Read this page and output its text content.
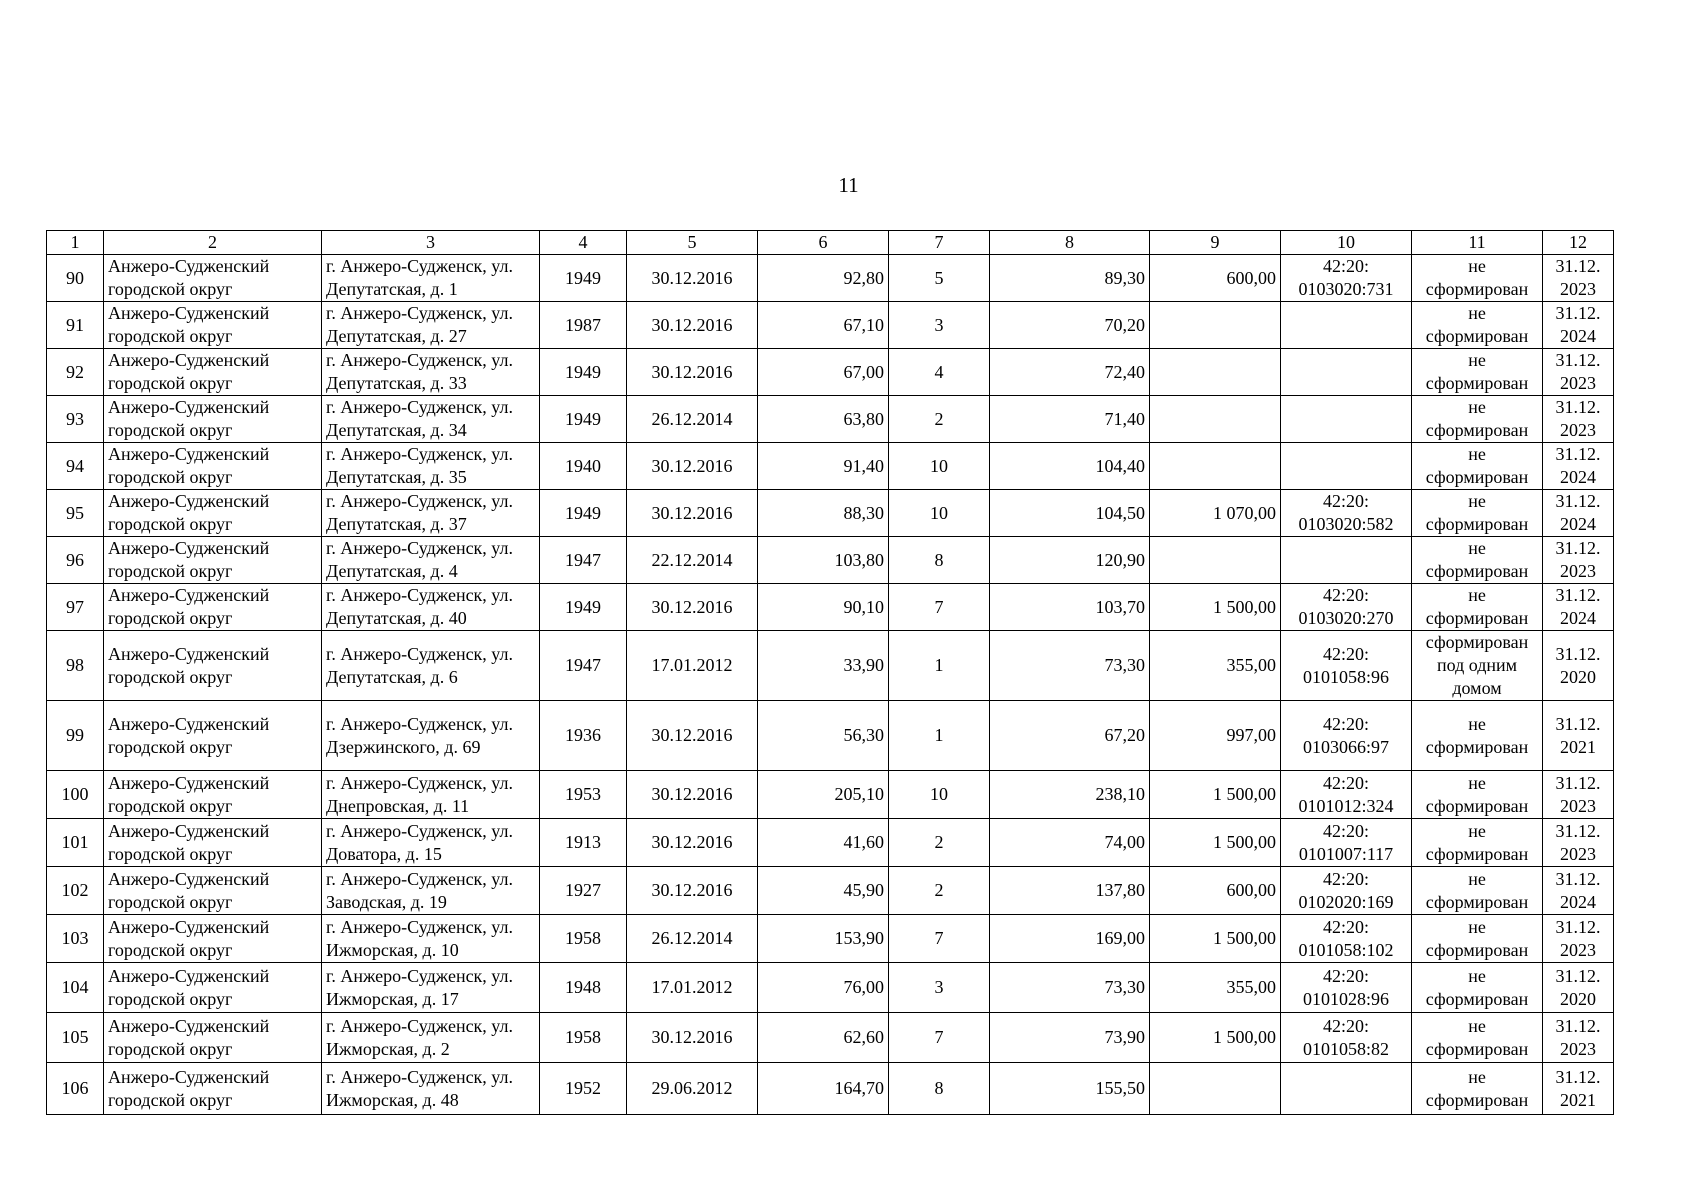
11
1	2	3	4	5	6	7	8	9	10	11	12
90	Анжеро-Судженский городской округ	г. Анжеро-Судженск, ул. Депутатская, д. 1	1949	30.12.2016	92,80	5	89,30	600,00	42:20: 0103020:731	не сформирован	31.12. 2023
91	Анжеро-Судженский городской округ	г. Анжеро-Судженск, ул. Депутатская, д. 27	1987	30.12.2016	67,10	3	70,20			не сформирован	31.12. 2024
92	Анжеро-Судженский городской округ	г. Анжеро-Судженск, ул. Депутатская, д. 33	1949	30.12.2016	67,00	4	72,40			не сформирован	31.12. 2023
93	Анжеро-Судженский городской округ	г. Анжеро-Судженск, ул. Депутатская, д. 34	1949	26.12.2014	63,80	2	71,40			не сформирован	31.12. 2023
94	Анжеро-Судженский городской округ	г. Анжеро-Судженск, ул. Депутатская, д. 35	1940	30.12.2016	91,40	10	104,40			не сформирован	31.12. 2024
95	Анжеро-Судженский городской округ	г. Анжеро-Судженск, ул. Депутатская, д. 37	1949	30.12.2016	88,30	10	104,50	1 070,00	42:20: 0103020:582	не сформирован	31.12. 2024
96	Анжеро-Судженский городской округ	г. Анжеро-Судженск, ул. Депутатская, д. 4	1947	22.12.2014	103,80	8	120,90			не сформирован	31.12. 2023
97	Анжеро-Судженский городской округ	г. Анжеро-Судженск, ул. Депутатская, д. 40	1949	30.12.2016	90,10	7	103,70	1 500,00	42:20: 0103020:270	не сформирован	31.12. 2024
98	Анжеро-Судженский городской округ	г. Анжеро-Судженск, ул. Депутатская, д. 6	1947	17.01.2012	33,90	1	73,30	355,00	42:20: 0101058:96	сформирован под одним домом	31.12. 2020
99	Анжеро-Судженский городской округ	г. Анжеро-Судженск, ул. Дзержинского, д. 69	1936	30.12.2016	56,30	1	67,20	997,00	42:20: 0103066:97	не сформирован	31.12. 2021
100	Анжеро-Судженский городской округ	г. Анжеро-Судженск, ул. Днепровская, д. 11	1953	30.12.2016	205,10	10	238,10	1 500,00	42:20: 0101012:324	не сформирован	31.12. 2023
101	Анжеро-Судженский городской округ	г. Анжеро-Судженск, ул. Доватора, д. 15	1913	30.12.2016	41,60	2	74,00	1 500,00	42:20: 0101007:117	не сформирован	31.12. 2023
102	Анжеро-Судженский городской округ	г. Анжеро-Судженск, ул. Заводская, д. 19	1927	30.12.2016	45,90	2	137,80	600,00	42:20: 0102020:169	не сформирован	31.12. 2024
103	Анжеро-Судженский городской округ	г. Анжеро-Судженск, ул. Ижморская, д. 10	1958	26.12.2014	153,90	7	169,00	1 500,00	42:20: 0101058:102	не сформирован	31.12. 2023
104	Анжеро-Судженский городской округ	г. Анжеро-Судженск, ул. Ижморская, д. 17	1948	17.01.2012	76,00	3	73,30	355,00	42:20: 0101028:96	не сформирован	31.12. 2020
105	Анжеро-Судженский городской округ	г. Анжеро-Судженск, ул. Ижморская, д. 2	1958	30.12.2016	62,60	7	73,90	1 500,00	42:20: 0101058:82	не сформирован	31.12. 2023
106	Анжеро-Судженский городской округ	г. Анжеро-Судженск, ул. Ижморская, д. 48	1952	29.06.2012	164,70	8	155,50			не сформирован	31.12. 2021
